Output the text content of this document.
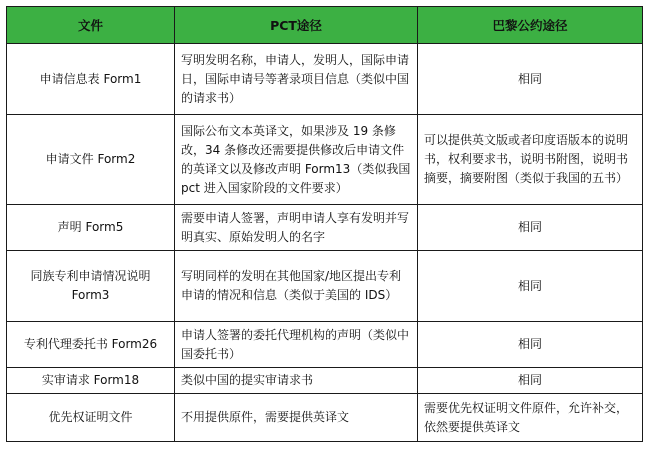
文件	PCT途径	巴黎公约途径
申请信息表 Form1	写明发明名称，申请人，发明人，国际申请日，国际申请号等著录项目信息（类似中国的请求书）	相同
申请文件 Form2	国际公布文本英译文，如果涉及 19 条修改，34 条修改还需要提供修改后申请文件的英译文以及修改声明 Form13（类似我国 pct 进入国家阶段的文件要求）	可以提供英文版或者印度语版本的说明书，权利要求书，说明书附图，说明书摘要，摘要附图（类似于我国的五书）
声明 Form5	需要申请人签署，声明申请人享有发明并写明真实、原始发明人的名字	相同
同族专利申请情况说明 Form3	写明同样的发明在其他国家/地区提出专利申请的情况和信息（类似于美国的 IDS）	相同
专利代理委托书 Form26	申请人签署的委托代理机构的声明（类似中国委托书）	相同
实审请求 Form18	类似中国的提实审请求书	相同
优先权证明文件	不用提供原件，需要提供英译文	需要优先权证明文件原件，允许补交，依然要提供英译文
